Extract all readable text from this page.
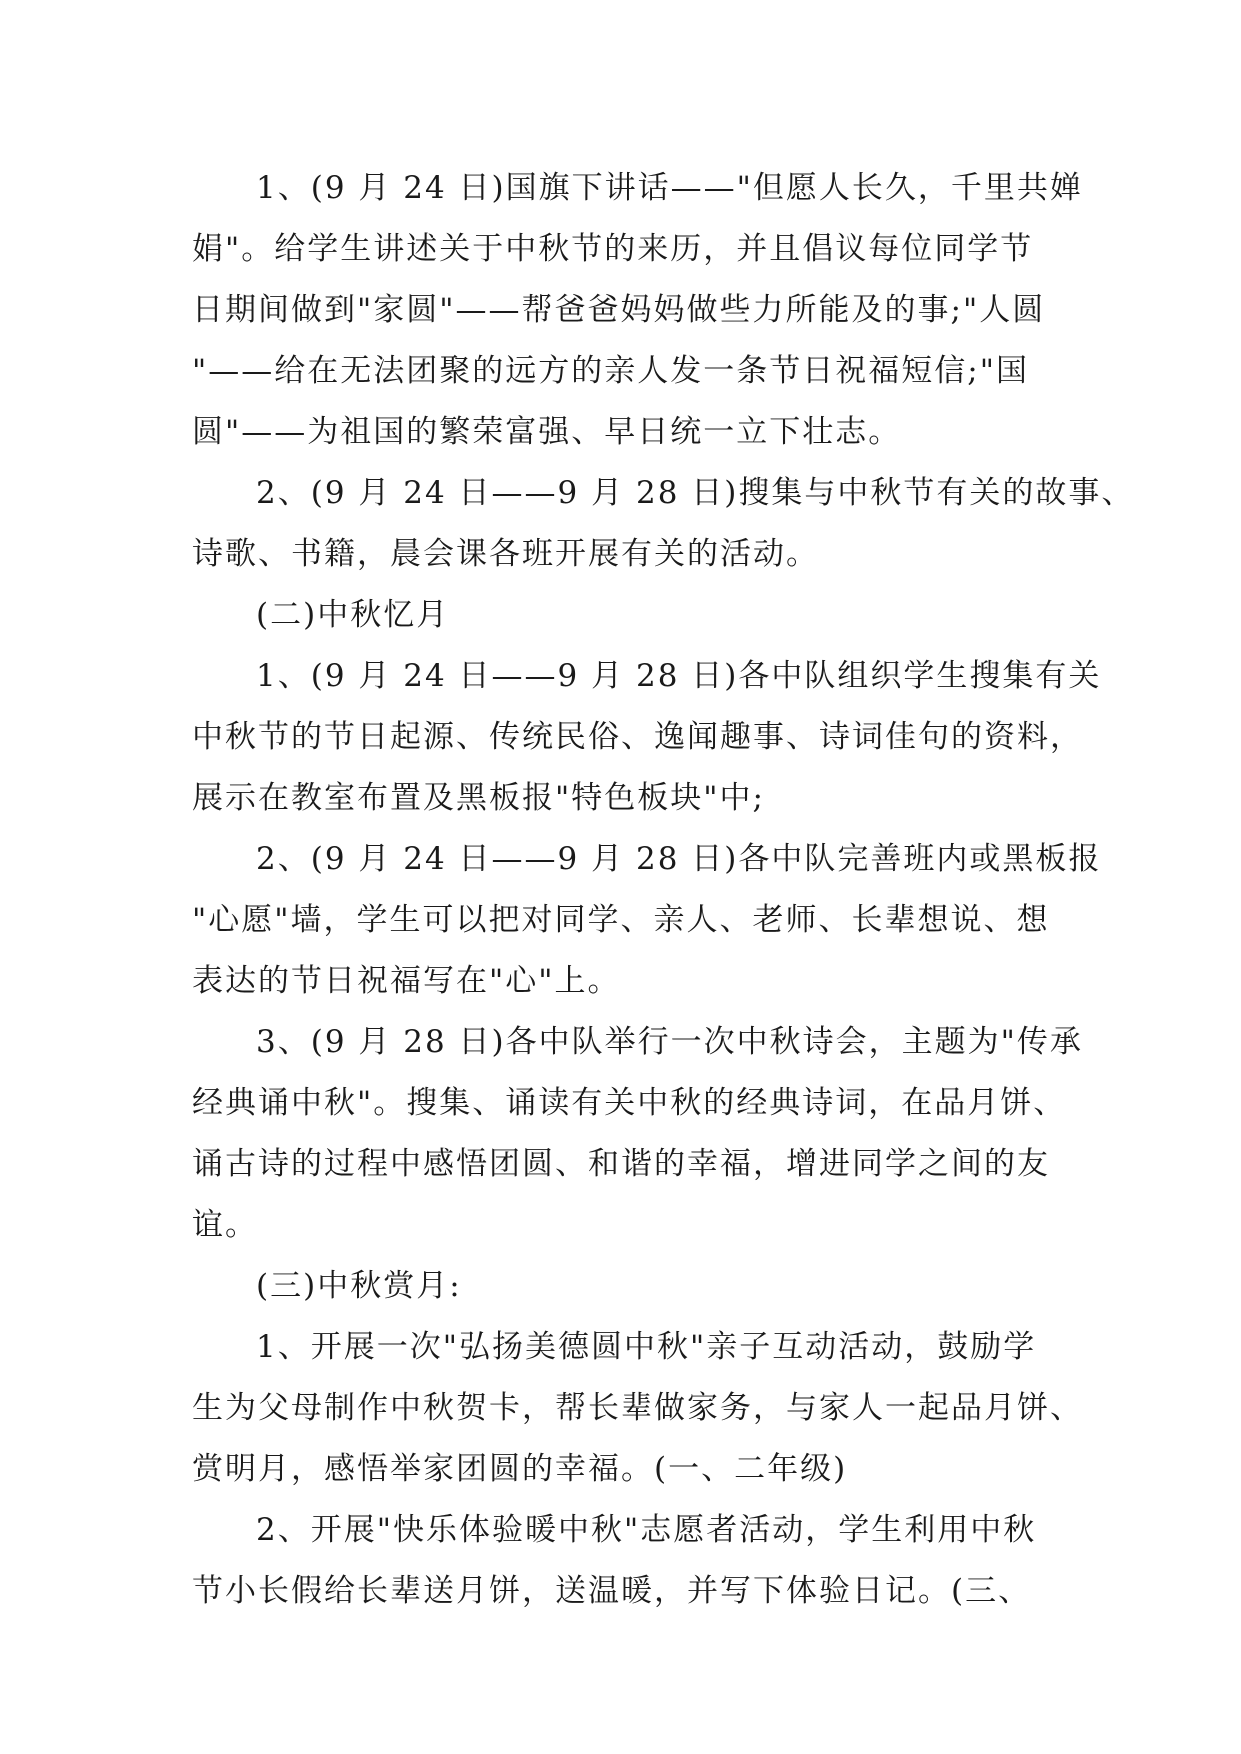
1、(9 月 24 日)国旗下讲话——"但愿人长久，千里共婵
娟"。给学生讲述关于中秋节的来历，并且倡议每位同学节
日期间做到"家圆"——帮爸爸妈妈做些力所能及的事;"人圆
"——给在无法团聚的远方的亲人发一条节日祝福短信;"国
圆"——为祖国的繁荣富强、早日统一立下壮志。
2、(9 月 24 日——9 月 28 日)搜集与中秋节有关的故事、
诗歌、书籍，晨会课各班开展有关的活动。
(二)中秋忆月
1、(9 月 24 日——9 月 28 日)各中队组织学生搜集有关
中秋节的节日起源、传统民俗、逸闻趣事、诗词佳句的资料，
展示在教室布置及黑板报"特色板块"中;
2、(9 月 24 日——9 月 28 日)各中队完善班内或黑板报
"心愿"墙，学生可以把对同学、亲人、老师、长辈想说、想
表达的节日祝福写在"心"上。
3、(9 月 28 日)各中队举行一次中秋诗会，主题为"传承
经典诵中秋"。搜集、诵读有关中秋的经典诗词，在品月饼、
诵古诗的过程中感悟团圆、和谐的幸福，增进同学之间的友
谊。
(三)中秋赏月:
1、开展一次"弘扬美德圆中秋"亲子互动活动，鼓励学
生为父母制作中秋贺卡，帮长辈做家务，与家人一起品月饼、
赏明月，感悟举家团圆的幸福。(一、二年级)
2、开展"快乐体验暖中秋"志愿者活动，学生利用中秋
节小长假给长辈送月饼，送温暖，并写下体验日记。(三、
